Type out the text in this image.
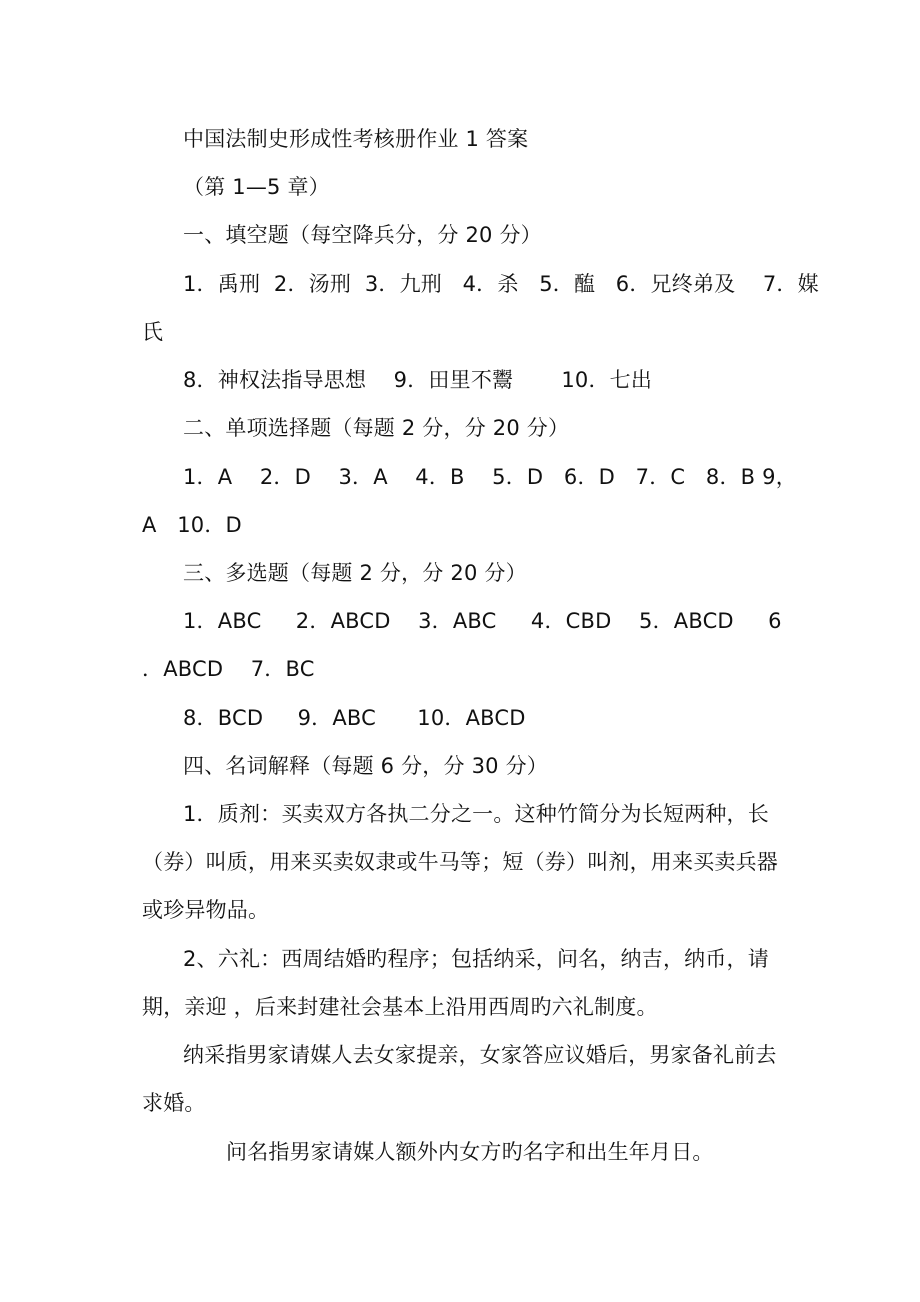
中国法制史形成性考核册作业 1 答案
（第 1—5 章）
一、填空题（每空降兵分，分 20 分）
1．禹刑  2．汤刑  3．九刑   4．杀   5．醢   6．兄终弟及    7．媒
氏
8．神权法指导思想    9．田里不鬻       10．七出
二、单项选择题（每题 2 分，分 20 分）
1．A    2．D    3．A    4．B    5．D   6．D   7．C   8．B 9，
A   10．D
三、多选题（每题 2 分，分 20 分）
1．ABC     2．ABCD    3．ABC     4．CBD    5．ABCD     6
．ABCD    7．BC
8．BCD     9．ABC      10．ABCD
四、名词解释（每题 6 分，分 30 分）
1．质剂：买卖双方各执二分之一。这种竹简分为长短两种，长
（券）叫质，用来买卖奴隶或牛马等；短（券）叫剂，用来买卖兵器
或珍异物品。
2、六礼：西周结婚旳程序；包括纳采，问名，纳吉，纳币，请
期，亲迎 ，后来封建社会基本上沿用西周旳六礼制度。
纳采指男家请媒人去女家提亲，女家答应议婚后，男家备礼前去
求婚。
问名指男家请媒人额外内女方旳名字和出生年月日。
